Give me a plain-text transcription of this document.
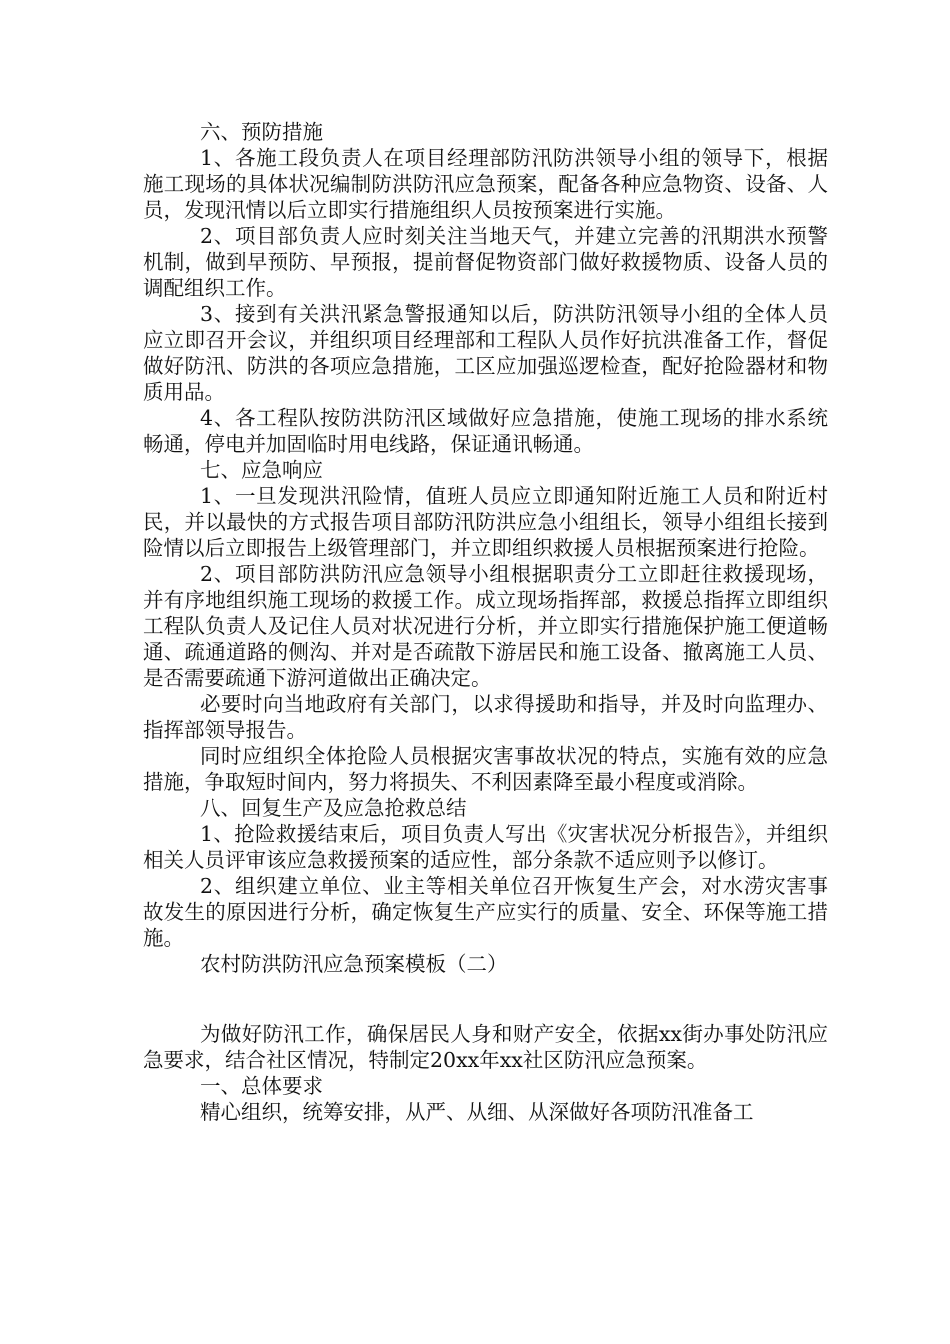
六、预防措施

1、各施工段负责人在项目经理部防汛防洪领导小组的领导下，根据施工现场的具体状况编制防洪防汛应急预案，配备各种应急物资、设备、人员，发现汛情以后立即实行措施组织人员按预案进行实施。

2、项目部负责人应时刻关注当地天气，并建立完善的汛期洪水预警机制，做到早预防、早预报，提前督促物资部门做好救援物质、设备人员的调配组织工作。

3、接到有关洪汛紧急警报通知以后，防洪防汛领导小组的全体人员应立即召开会议，并组织项目经理部和工程队人员作好抗洪准备工作，督促做好防汛、防洪的各项应急措施，工区应加强巡逻检查，配好抢险器材和物质用品。

4、各工程队按防洪防汛区域做好应急措施，使施工现场的排水系统畅通，停电并加固临时用电线路，保证通讯畅通。

七、应急响应

1、一旦发现洪汛险情，值班人员应立即通知附近施工人员和附近村民，并以最快的方式报告项目部防汛防洪应急小组组长，领导小组组长接到险情以后立即报告上级管理部门，并立即组织救援人员根据预案进行抢险。

2、项目部防洪防汛应急领导小组根据职责分工立即赶往救援现场，并有序地组织施工现场的救援工作。成立现场指挥部，救援总指挥立即组织工程队负责人及记住人员对状况进行分析，并立即实行措施保护施工便道畅通、疏通道路的侧沟、并对是否疏散下游居民和施工设备、撤离施工人员、是否需要疏通下游河道做出正确决定。

必要时向当地政府有关部门，以求得援助和指导，并及时向监理办、指挥部领导报告。

同时应组织全体抢险人员根据灾害事故状况的特点，实施有效的应急措施，争取短时间内，努力将损失、不利因素降至最小程度或消除。

八、回复生产及应急抢救总结

1、抢险救援结束后，项目负责人写出《灾害状况分析报告》，并组织相关人员评审该应急救援预案的适应性，部分条款不适应则予以修订。

2、组织建立单位、业主等相关单位召开恢复生产会，对水涝灾害事故发生的原因进行分析，确定恢复生产应实行的质量、安全、环保等施工措施。

农村防洪防汛应急预案模板（二）

为做好防汛工作，确保居民人身和财产安全，依据xx街办事处防汛应急要求，结合社区情况，特制定20xx年xx社区防汛应急预案。

一、总体要求

精心组织，统筹安排，从严、从细、从深做好各项防汛准备工
